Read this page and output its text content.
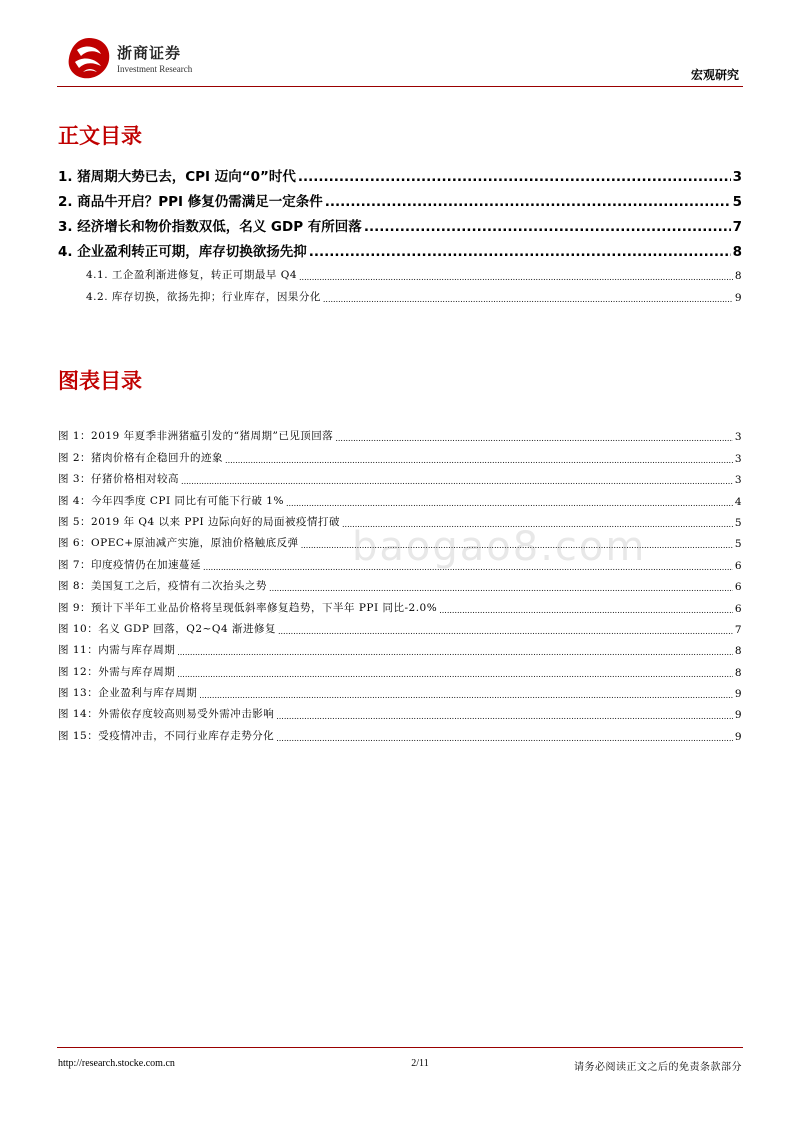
浙商证券
Investment Research	宏观研究
正文目录
1. 猪周期大势已去，CPI 迈向“0”时代 .....	3
2. 商品牛开启？PPI 修复仍需满足一定条件 .....	5
3. 经济增长和物价指数双低，名义 GDP 有所回落 .....	7
4. 企业盈利转正可期，库存切换欲扬先抑 .....	8
4.1. 工企盈利渐进修复，转正可期最早 Q4 .....	8
4.2. 库存切换，欲扬先抑；行业库存，因果分化 .....	9
图表目录
图 1：2019 年夏季非洲猪瘟引发的“猪周期”已见顶回落 .....	3
图 2：猪肉价格有企稳回升的迹象 .....	3
图 3：仔猪价格相对较高 .....	3
图 4：今年四季度 CPI 同比有可能下行破 1% .....	4
图 5：2019 年 Q4 以来 PPI 边际向好的局面被疫情打破 .....	5
图 6：OPEC+原油减产实施，原油价格触底反弹 .....	5
图 7：印度疫情仍在加速蔓延 .....	6
图 8：美国复工之后，疫情有二次抬头之势 .....	6
图 9：预计下半年工业品价格将呈现低斜率修复趋势，下半年 PPI 同比-2.0% .....	6
图 10：名义 GDP 回落，Q2~Q4 渐进修复 .....	7
图 11：内需与库存周期 .....	8
图 12：外需与库存周期 .....	8
图 13：企业盈利与库存周期 .....	9
图 14：外需依存度较高则易受外需冲击影响 .....	9
图 15：受疫情冲击，不同行业库存走势分化 .....	9
baogao8.com
http://research.stocke.com.cn	2/11	请务必阅读正文之后的免责条款部分
